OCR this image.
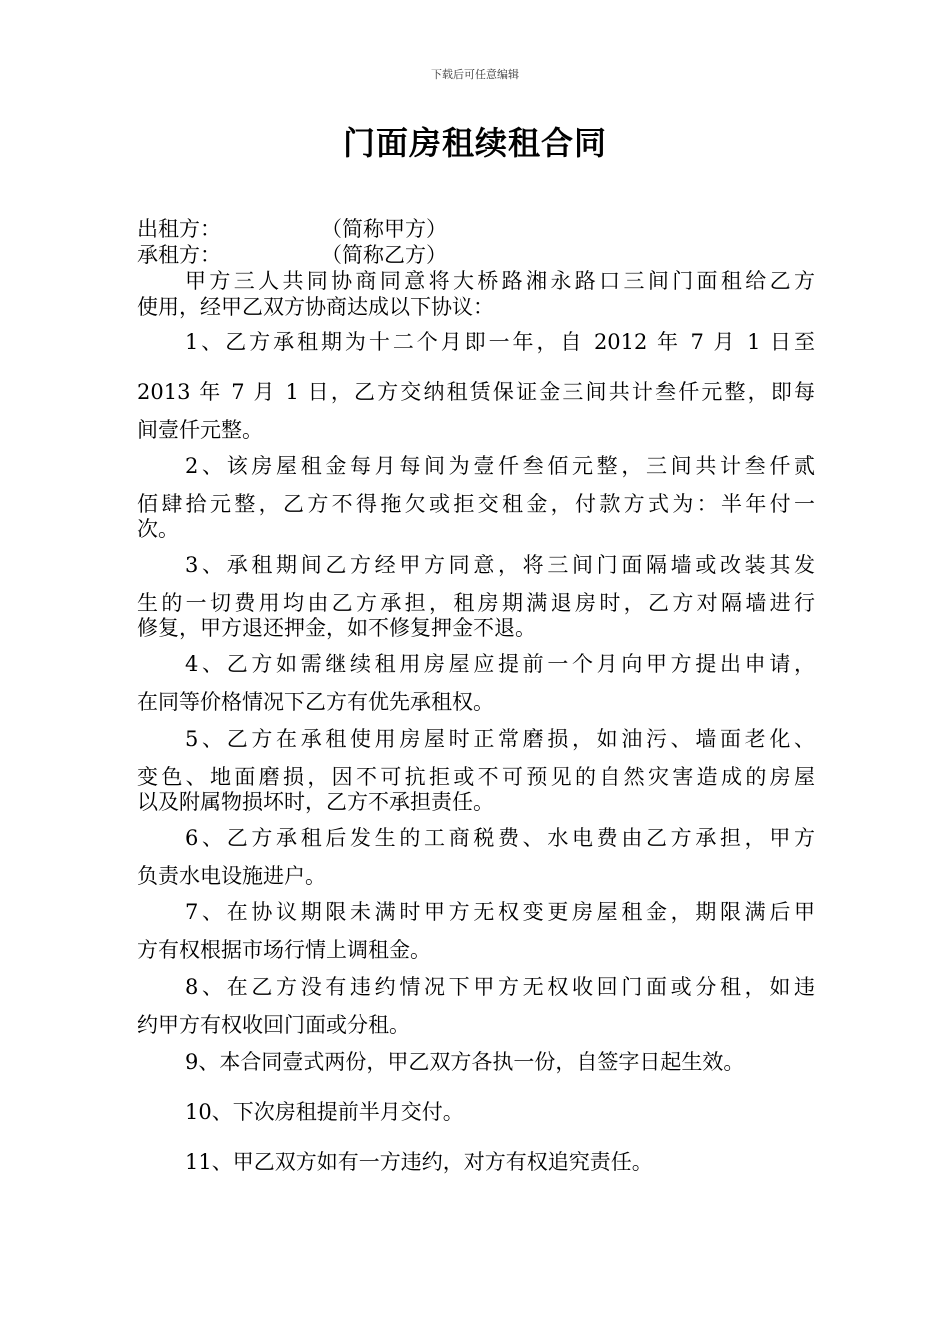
下载后可任意编辑
门面房租续租合同
出租方：	（简称甲方）
承租方：	（简称乙方）
甲方三人共同协商同意将大桥路湘永路口三间门面租给乙方
使用，经甲乙双方协商达成以下协议：
1、乙方承租期为十二个月即一年，自 2012 年 7 月 1 日至
2013 年 7 月 1 日，乙方交纳租赁保证金三间共计叁仟元整，即每
间壹仟元整。
2、该房屋租金每月每间为壹仟叁佰元整，三间共计叁仟贰
佰肆拾元整，乙方不得拖欠或拒交租金，付款方式为：半年付一
次。
3、承租期间乙方经甲方同意，将三间门面隔墙或改装其发
生的一切费用均由乙方承担，租房期满退房时，乙方对隔墙进行
修复，甲方退还押金，如不修复押金不退。
4、乙方如需继续租用房屋应提前一个月向甲方提出申请，
在同等价格情况下乙方有优先承租权。
5、乙方在承租使用房屋时正常磨损，如油污、墙面老化、
变色、地面磨损，因不可抗拒或不可预见的自然灾害造成的房屋
以及附属物损坏时，乙方不承担责任。
6、乙方承租后发生的工商税费、水电费由乙方承担，甲方
负责水电设施进户。
7、在协议期限未满时甲方无权变更房屋租金，期限满后甲
方有权根据市场行情上调租金。
8、在乙方没有违约情况下甲方无权收回门面或分租，如违
约甲方有权收回门面或分租。
9、本合同壹式两份，甲乙双方各执一份，自签字日起生效。
10、下次房租提前半月交付。
11、甲乙双方如有一方违约，对方有权追究责任。
